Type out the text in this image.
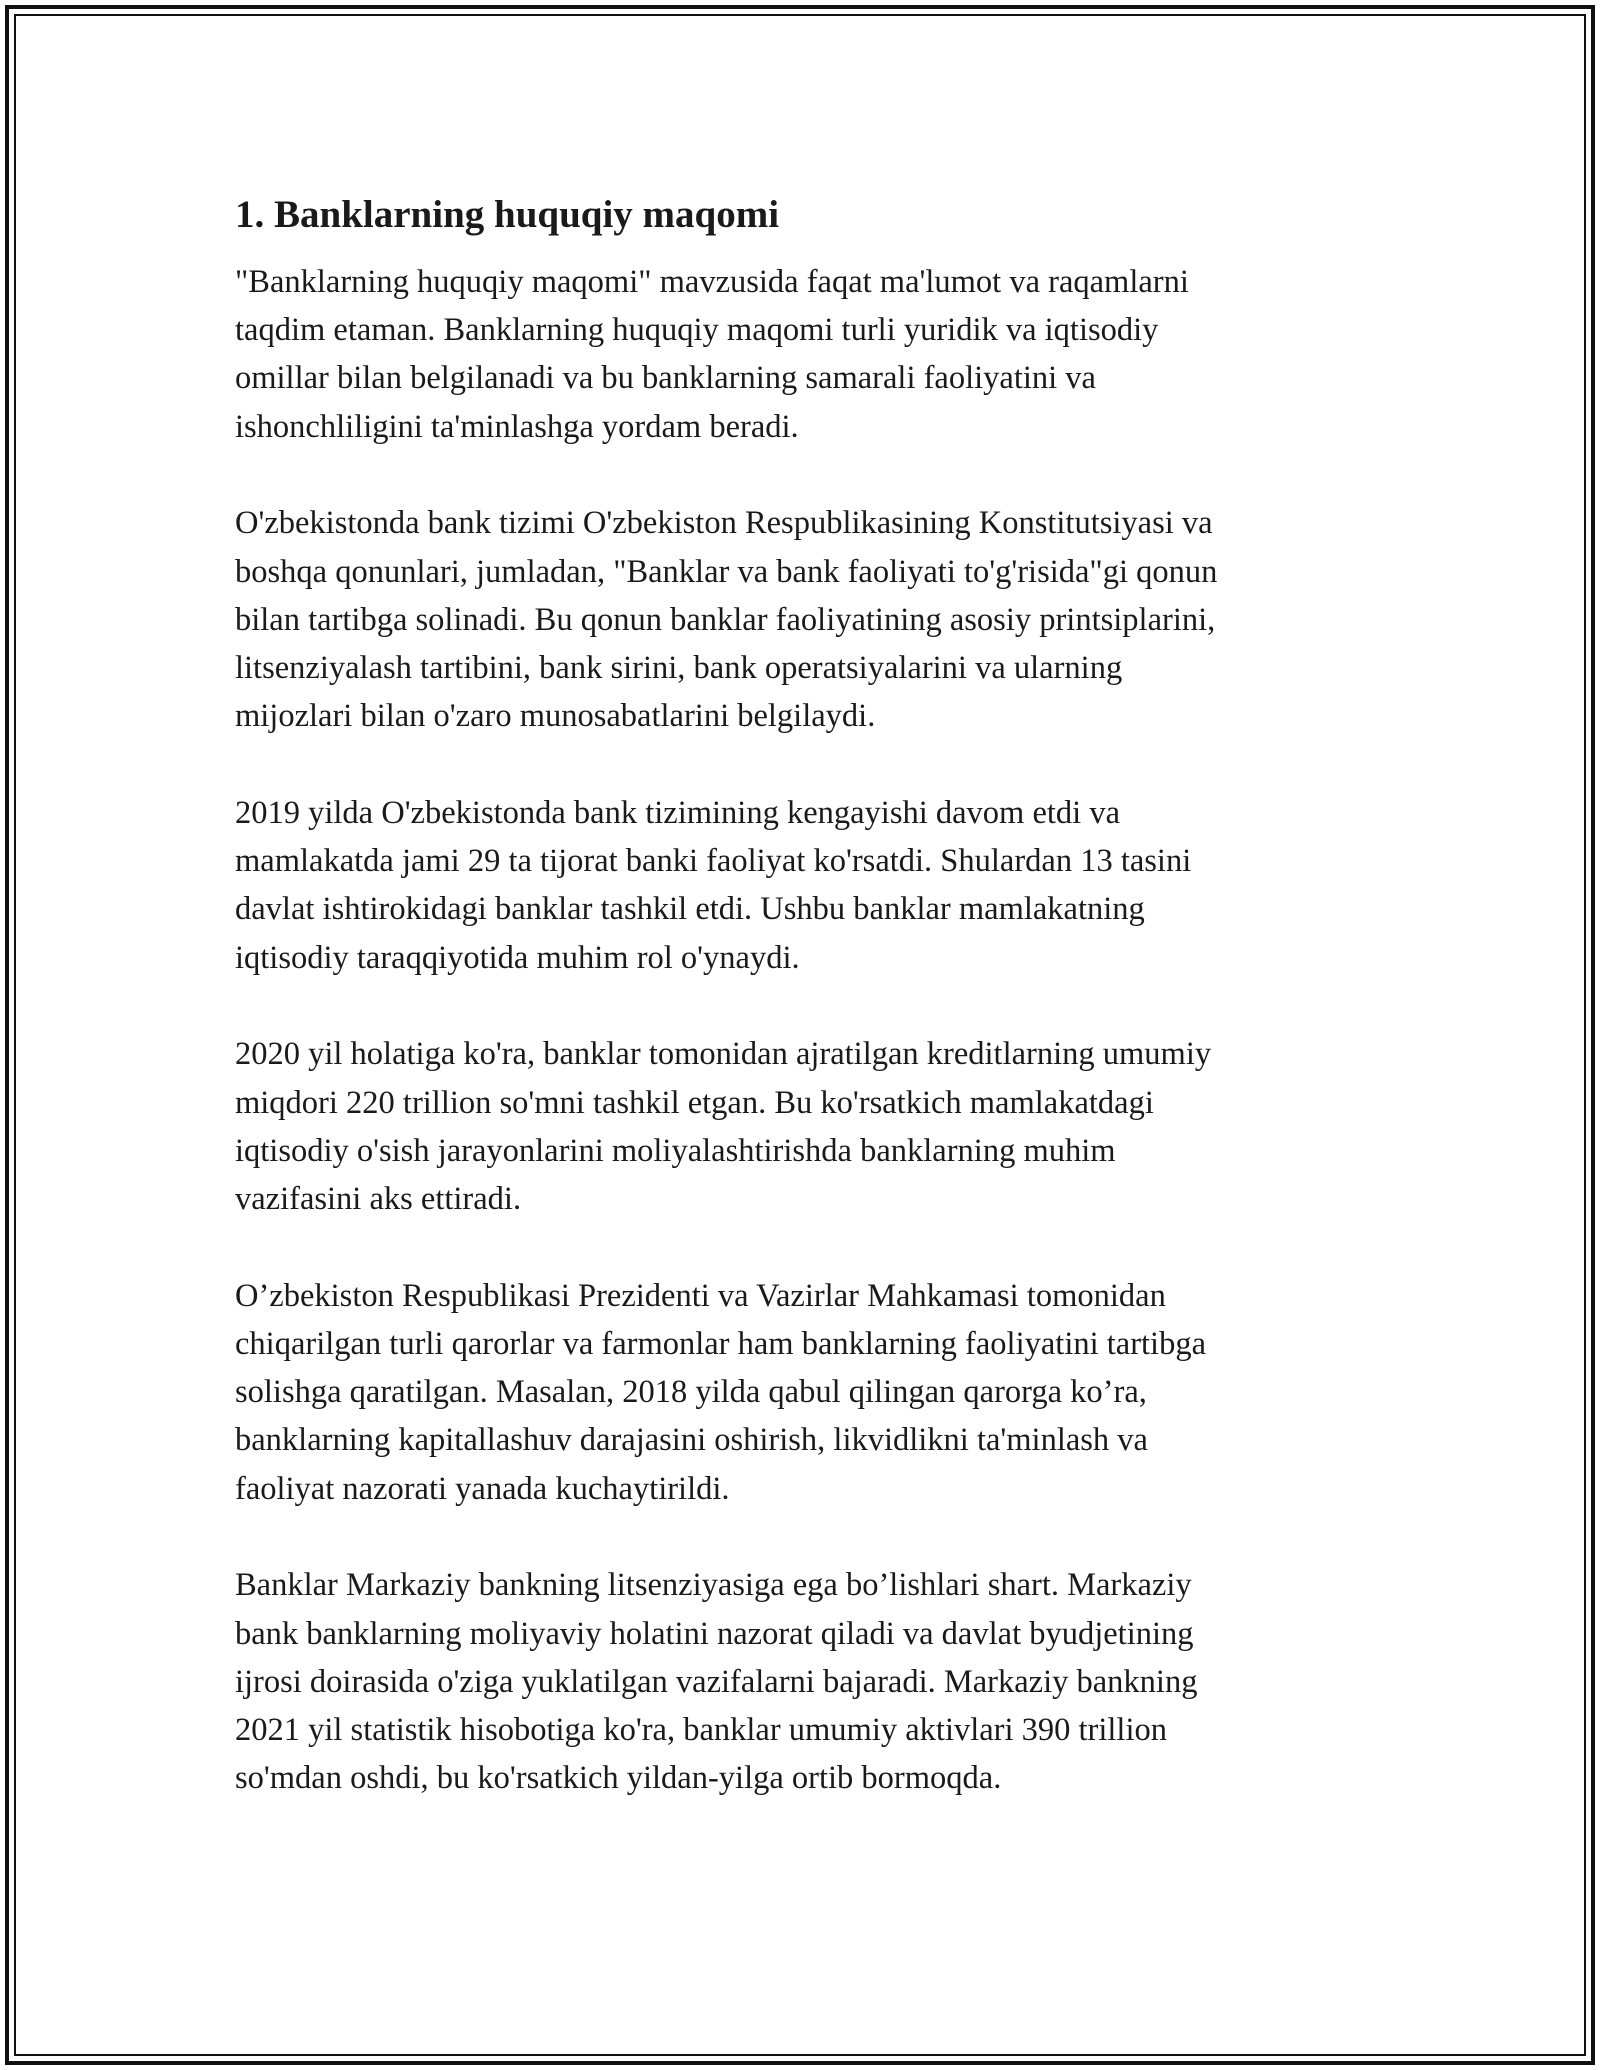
1. Banklarning huquqiy maqomi

"Banklarning huquqiy maqomi" mavzusida faqat ma'lumot va raqamlarni
taqdim etaman. Banklarning huquqiy maqomi turli yuridik va iqtisodiy
omillar bilan belgilanadi va bu banklarning samarali faoliyatini va
ishonchliligini ta'minlashga yordam beradi.

O'zbekistonda bank tizimi O'zbekiston Respublikasining Konstitutsiyasi va
boshqa qonunlari, jumladan, "Banklar va bank faoliyati to'g'risida"gi qonun
bilan tartibga solinadi. Bu qonun banklar faoliyatining asosiy printsiplarini,
litsenziyalash tartibini, bank sirini, bank operatsiyalarini va ularning
mijozlari bilan o'zaro munosabatlarini belgilaydi.

2019 yilda O'zbekistonda bank tizimining kengayishi davom etdi va
mamlakatda jami 29 ta tijorat banki faoliyat ko'rsatdi. Shulardan 13 tasini
davlat ishtirokidagi banklar tashkil etdi. Ushbu banklar mamlakatning
iqtisodiy taraqqiyotida muhim rol o'ynaydi.

2020 yil holatiga ko'ra, banklar tomonidan ajratilgan kreditlarning umumiy
miqdori 220 trillion so'mni tashkil etgan. Bu ko'rsatkich mamlakatdagi
iqtisodiy o'sish jarayonlarini moliyalashtirishda banklarning muhim
vazifasini aks ettiradi.

O’zbekiston Respublikasi Prezidenti va Vazirlar Mahkamasi tomonidan
chiqarilgan turli qarorlar va farmonlar ham banklarning faoliyatini tartibga
solishga qaratilgan. Masalan, 2018 yilda qabul qilingan qarorga ko’ra,
banklarning kapitallashuv darajasini oshirish, likvidlikni ta'minlash va
faoliyat nazorati yanada kuchaytirildi.

Banklar Markaziy bankning litsenziyasiga ega bo’lishlari shart. Markaziy
bank banklarning moliyaviy holatini nazorat qiladi va davlat byudjetining
ijrosi doirasida o'ziga yuklatilgan vazifalarni bajaradi. Markaziy bankning
2021 yil statistik hisobotiga ko'ra, banklar umumiy aktivlari 390 trillion
so'mdan oshdi, bu ko'rsatkich yildan-yilga ortib bormoqda.
